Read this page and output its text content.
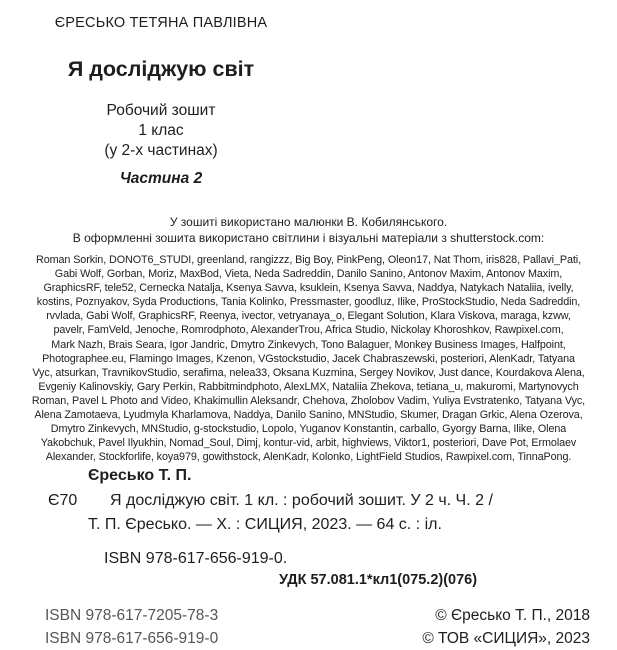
ЄРЕСЬКО ТЕТЯНА ПАВЛІВНА
Я досліджую світ
Робочий зошит
1 клас
(у 2-х частинах)
Частина 2
У зошиті використано малюнки В. Кобилянського.
В оформленні зошита використано світлини і візуальні матеріали з shutterstock.com:
Roman Sorkin, DONOT6_STUDI, greenland, rangizzz, Big Boy, PinkPeng, Oleon17, Nat Thom, iris828, Pallavi_Pati,
Gabi Wolf, Gorban, Moriz, MaxBod, Vieta, Neda Sadreddin, Danilo Sanino, Antonov Maxim, Antonov Maxim,
GraphicsRF, tele52, Cernecka Natalja, Ksenya Savva, ksuklein, Ksenya Savva, Naddya, Natykach Nataliia, ivelly,
kostins, Poznyakov, Syda Productions, Tania Kolinko, Pressmaster, goodluz, Ilike, ProStockStudio, Neda Sadreddin,
rvvlada, Gabi Wolf, GraphicsRF, Reenya, ivector, vetryanaya_o, Elegant Solution, Klara Viskova, maraga, kzww,
pavelr, FamVeld, Jenoche, Romrodphoto, AlexanderTrou, Africa Studio, Nickolay Khoroshkov, Rawpixel.com,
Mark Nazh, Brais Seara, Igor Jandric, Dmytro Zinkevych, Tono Balaguer, Monkey Business Images, Halfpoint,
Photographee.eu, Flamingo Images, Kzenon, VGstockstudio, Jacek Chabraszewski, posteriori, AlenKadr, Tatyana
Vyc, atsurkan, TravnikovStudio, serafima, nelea33, Oksana Kuzmina, Sergey Novikov, Just dance, Kourdakova Alena,
Evgeniy Kalinovskiy, Gary Perkin, Rabbitmindphoto, AlexLMX, Nataliia Zhekova, tetiana_u, makuromi, Martynovych
Roman, Pavel L Photo and Video, Khakimullin Aleksandr, Chehova, Zholobov Vadim, Yuliya Evstratenko, Tatyana Vyc,
Alena Zamotaeva, Lyudmyla Kharlamova, Naddya, Danilo Sanino, MNStudio, Skumer, Dragan Grkic, Alena Ozerova,
Dmytro Zinkevych, MNStudio, g-stockstudio, Lopolo, Yuganov Konstantin, carballo, Gyorgy Barna, Ilike, Olena
Yakobchuk, Pavel Ilyukhin, Nomad_Soul, Dimj, kontur-vid, arbit, highviews, Viktor1, posteriori, Dave Pot, Ermolaev
Alexander, Stockforlife, koya979, gowithstock, AlenKadr, Kolonko, LightField Studios, Rawpixel.com, TinnaPong.
Єресько Т. П.
Є70 Я досліджую світ. 1 кл. : робочий зошит. У 2 ч. Ч. 2 /
Т. П. Єресько. — Х. : СИЦИЯ, 2023. — 64 с. : іл.
ISBN 978-617-656-919-0.
УДК 57.081.1*кл1(075.2)(076)
ISBN 978-617-7205-78-3
ISBN 978-617-656-919-0
© Єресько Т. П., 2018
© ТОВ «СИЦИЯ», 2023
